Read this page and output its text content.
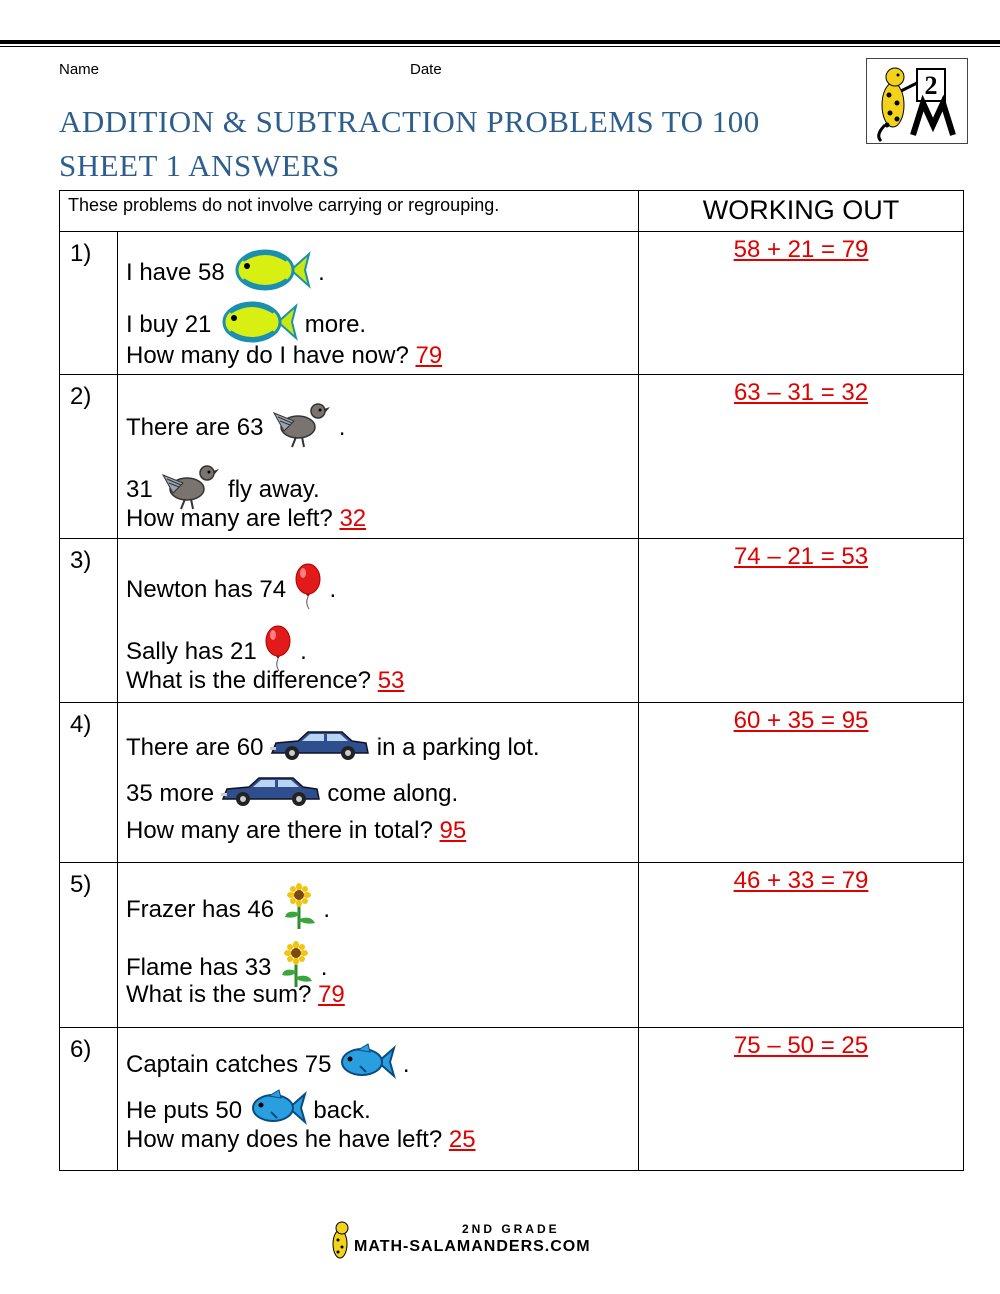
Name	Date
ADDITION & SUBTRACTION PROBLEMS TO 100
SHEET 1 ANSWERS
2
These problems do not involve carrying or regrouping.		WORKING OUT
1)	I have 58 .
I buy 21 more.
How many do I have now? 79	58 + 21 = 79
2)	There are 63 .
31 fly away.
How many are left? 32	63 – 31 = 32
3)	Newton has 74 .
Sally has 21 .
What is the difference? 53	74 – 21 = 53
4)	There are 60 in a parking lot.
35 more come along.
How many are there in total? 95	60 + 35 = 95
5)	Frazer has 46 .
Flame has 33 .
What is the sum? 79	46 + 33 = 79
6)	Captain catches 75 .
He puts 50 back.
How many does he have left? 25	75 – 50 = 25
2ND GRADE
MATH-SALAMANDERS.COM
